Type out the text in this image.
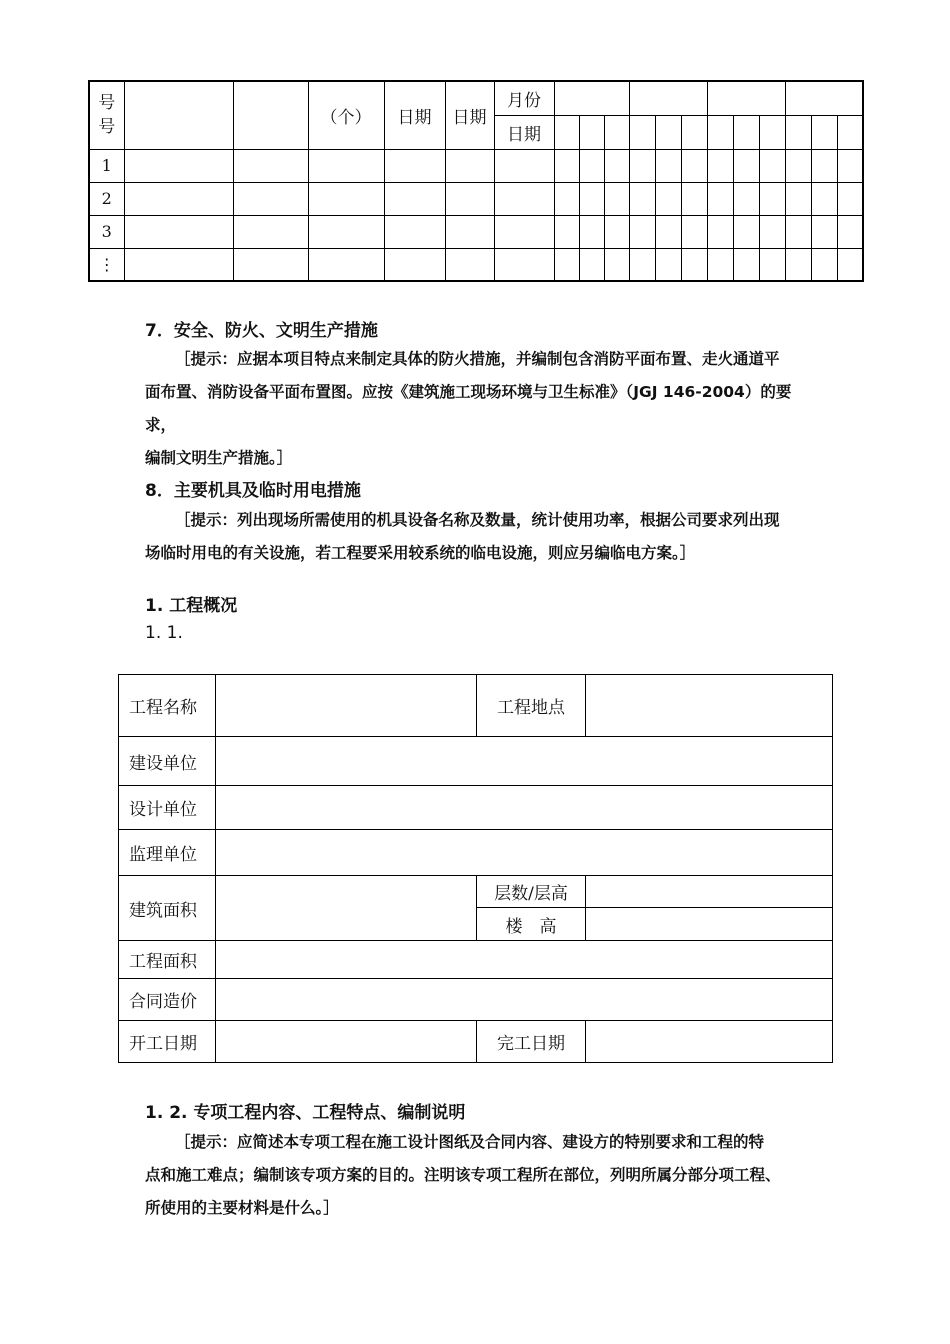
号号			（个）	日期	日期	月份												
						日期												
1																		
2																		
3																		
⋮																		
7．安全、防火、文明生产措施
［提示：应据本项目特点来制定具体的防火措施，并编制包含消防平面布置、走火通道平
面布置、消防设备平面布置图。应按《建筑施工现场环境与卫生标准》（JGJ 146-2004）的要求，
编制文明生产措施。］
8．主要机具及临时用电措施
［提示：列出现场所需使用的机具设备名称及数量，统计使用功率，根据公司要求列出现
场临时用电的有关设施，若工程要采用较系统的临电设施，则应另编临电方案。］
1. 工程概况
1. 1.
工程名称		工程地点	
建设单位			
设计单位			
监理单位			
建筑面积		层数/层高	
		楼　高	
工程面积			
合同造价			
开工日期		完工日期	
1. 2. 专项工程内容、工程特点、编制说明
［提示：应简述本专项工程在施工设计图纸及合同内容、建设方的特别要求和工程的特
点和施工难点；编制该专项方案的目的。注明该专项工程所在部位，列明所属分部分项工程、
所使用的主要材料是什么。］
